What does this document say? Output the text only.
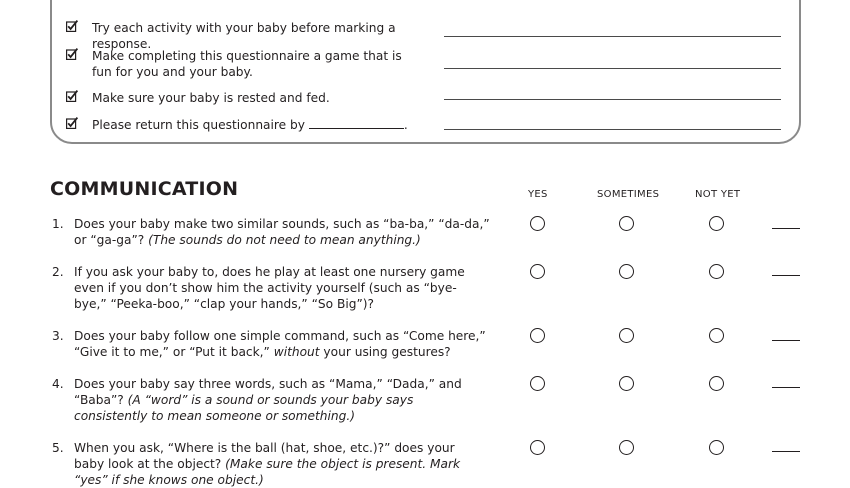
Try each activity with your baby before marking a response.
Make completing this questionnaire a game that is fun for you and your baby.
Make sure your baby is rested and fed.
Please return this questionnaire by	.
COMMUNICATION	YES	SOMETIMES	NOT YET
1. Does your baby make two similar sounds, such as “ba-ba,” “da-da,” or “ga-ga”? (The sounds do not need to mean anything.)
2. If you ask your baby to, does he play at least one nursery game even if you don’t show him the activity yourself (such as “bye-bye,” “Peeka-boo,” “clap your hands,” “So Big”)?
3. Does your baby follow one simple command, such as “Come here,” “Give it to me,” or “Put it back,” without your using gestures?
4. Does your baby say three words, such as “Mama,” “Dada,” and “Baba”? (A “word” is a sound or sounds your baby says consistently to mean someone or something.)
5. When you ask, “Where is the ball (hat, shoe, etc.)?” does your baby look at the object? (Make sure the object is present. Mark “yes” if she knows one object.)
